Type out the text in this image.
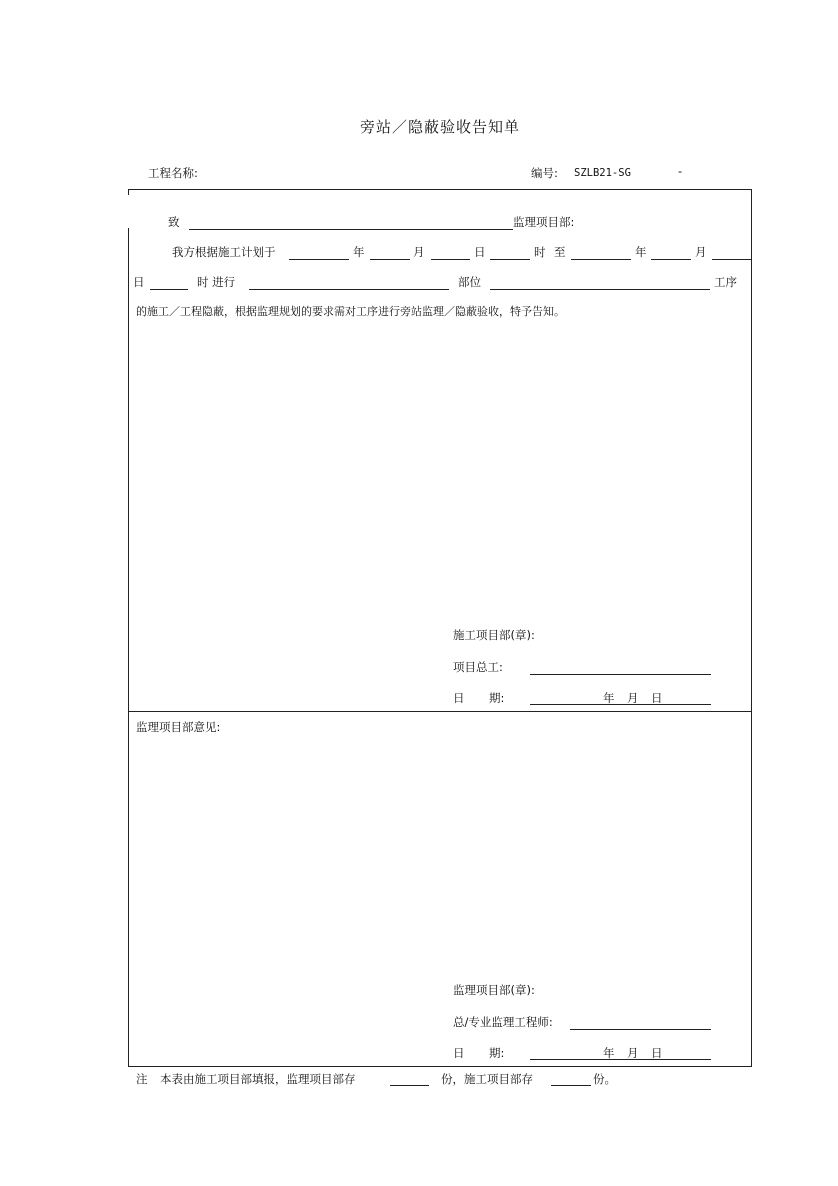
旁站／隐蔽验收告知单
工程名称:	编号: SZLB21-SG	-
致	监理项目部:
我方根据施工计划于	年	月	日	时 至	年	月
日	时 进行	部位	工序
的施工／工程隐蔽，根据监理规划的要求需对工序进行旁站监理／隐蔽验收，特予告知。
施工项目部(章):
项目总工:
日 期:	年 月 日
监理项目部意见:
监理项目部(章):
总/专业监理工程师:
日 期:	年 月 日
注 本表由施工项目部填报，监理项目部存	份，施工项目部存	份。
